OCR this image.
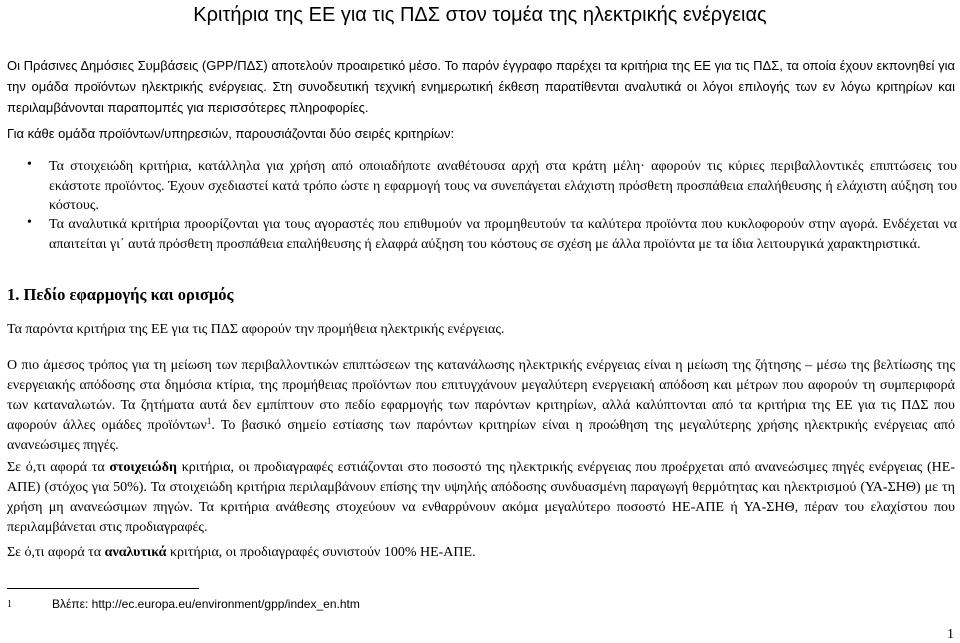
Κριτήρια της ΕΕ για τις ΠΔΣ στον τομέα της ηλεκτρικής ενέργειας

Οι Πράσινες Δημόσιες Συμβάσεις (GPP/ΠΔΣ) αποτελούν προαιρετικό μέσο. Το παρόν έγγραφο παρέχει τα κριτήρια της ΕΕ για τις ΠΔΣ, τα οποία έχουν εκπονηθεί για την ομάδα προϊόντων ηλεκτρικής ενέργειας. Στη συνοδευτική τεχνική ενημερωτική έκθεση παρατίθενται αναλυτικά οι λόγοι επιλογής των εν λόγω κριτηρίων και περιλαμβάνονται παραπομπές για περισσότερες πληροφορίες.

Για κάθε ομάδα προϊόντων/υπηρεσιών, παρουσιάζονται δύο σειρές κριτηρίων:

• Τα στοιχειώδη κριτήρια, κατάλληλα για χρήση από οποιαδήποτε αναθέτουσα αρχή στα κράτη μέλη· αφορούν τις κύριες περιβαλλοντικές επιπτώσεις του εκάστοτε προϊόντος. Έχουν σχεδιαστεί κατά τρόπο ώστε η εφαρμογή τους να συνεπάγεται ελάχιστη πρόσθετη προσπάθεια επαλήθευσης ή ελάχιστη αύξηση του κόστους.

• Τα αναλυτικά κριτήρια προορίζονται για τους αγοραστές που επιθυμούν να προμηθευτούν τα καλύτερα προϊόντα που κυκλοφορούν στην αγορά. Ενδέχεται να απαιτείται γι΄ αυτά πρόσθετη προσπάθεια επαλήθευσης ή ελαφρά αύξηση του κόστους σε σχέση με άλλα προϊόντα με τα ίδια λειτουργικά χαρακτηριστικά.

1. Πεδίο εφαρμογής και ορισμός

Τα παρόντα κριτήρια της ΕΕ για τις ΠΔΣ αφορούν την προμήθεια ηλεκτρικής ενέργειας.

Ο πιο άμεσος τρόπος για τη μείωση των περιβαλλοντικών επιπτώσεων της κατανάλωσης ηλεκτρικής ενέργειας είναι η μείωση της ζήτησης – μέσω της βελτίωσης της ενεργειακής απόδοσης στα δημόσια κτίρια, της προμήθειας προϊόντων που επιτυγχάνουν μεγαλύτερη ενεργειακή απόδοση και μέτρων που αφορούν τη συμπεριφορά των καταναλωτών. Τα ζητήματα αυτά δεν εμπίπτουν στο πεδίο εφαρμογής των παρόντων κριτηρίων, αλλά καλύπτονται από τα κριτήρια της ΕΕ για τις ΠΔΣ που αφορούν άλλες ομάδες προϊόντων$^1$. Το βασικό σημείο εστίασης των παρόντων κριτηρίων είναι η προώθηση της μεγαλύτερης χρήσης ηλεκτρικής ενέργειας από ανανεώσιμες πηγές.

Σε ό,τι αφορά τα στοιχειώδη κριτήρια, οι προδιαγραφές εστιάζονται στο ποσοστό της ηλεκτρικής ενέργειας που προέρχεται από ανανεώσιμες πηγές ενέργειας (ΗΕ-ΑΠΕ) (στόχος για 50%). Τα στοιχειώδη κριτήρια περιλαμβάνουν επίσης την υψηλής απόδοσης συνδυασμένη παραγωγή θερμότητας και ηλεκτρισμού (ΥΑ-ΣΗΘ) με τη χρήση μη ανανεώσιμων πηγών. Τα κριτήρια ανάθεσης στοχεύουν να ενθαρρύνουν ακόμα μεγαλύτερο ποσοστό ΗΕ-ΑΠΕ ή ΥΑ-ΣΗΘ, πέραν του ελαχίστου που περιλαμβάνεται στις προδιαγραφές.

Σε ό,τι αφορά τα αναλυτικά κριτήρια, οι προδιαγραφές συνιστούν 100% ΗΕ-ΑΠΕ.

1	Βλέπε: http://ec.europa.eu/environment/gpp/index_en.htm
1
